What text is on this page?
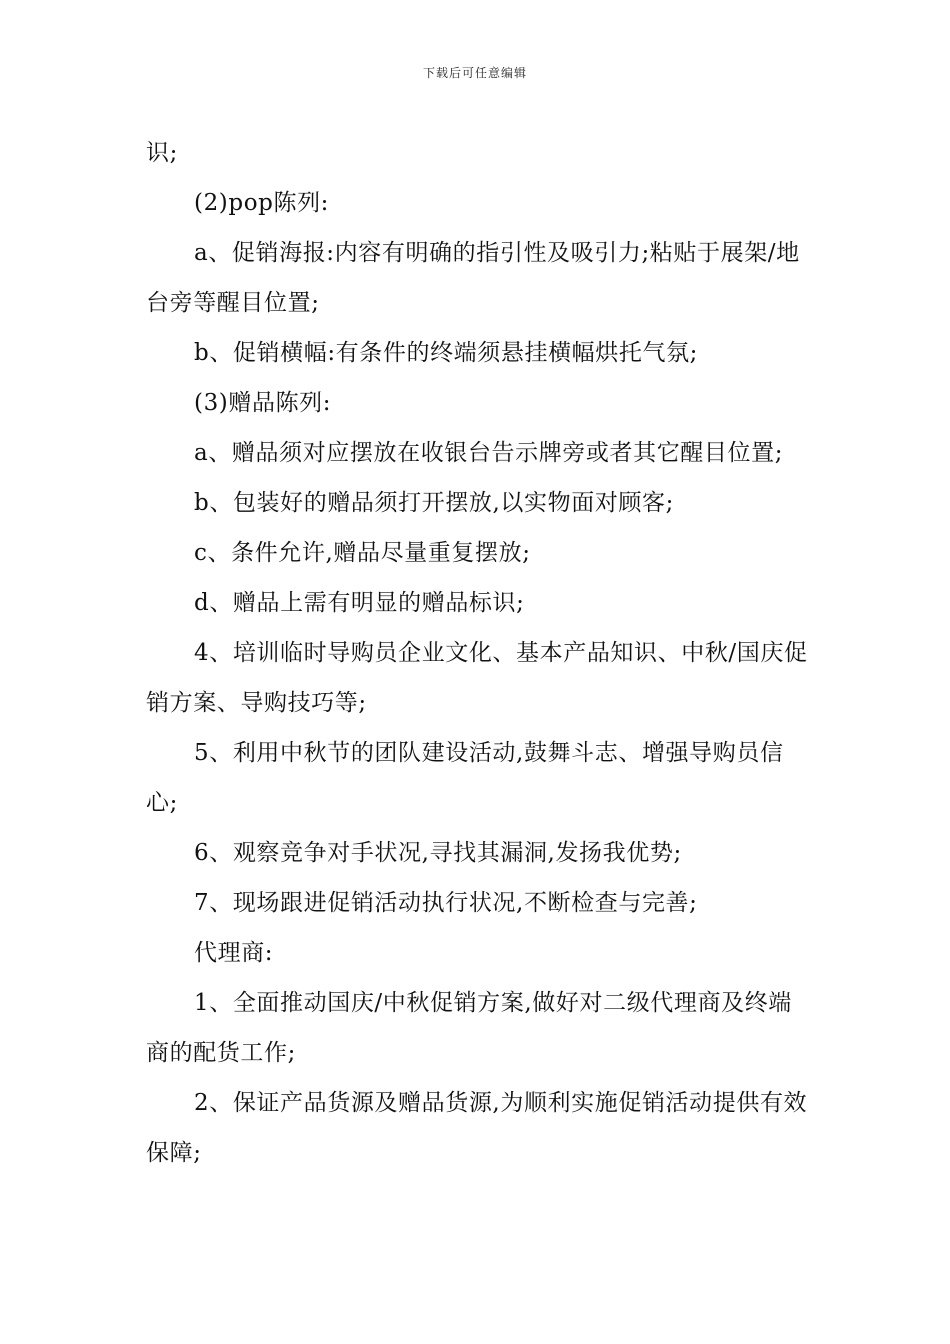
下载后可任意编辑

识;

(2)pop陈列:

a、促销海报:内容有明确的指引性及吸引力;粘贴于展架/地台旁等醒目位置;

b、促销横幅:有条件的终端须悬挂横幅烘托气氛;

(3)赠品陈列:

a、赠品须对应摆放在收银台告示牌旁或者其它醒目位置;

b、包装好的赠品须打开摆放,以实物面对顾客;

c、条件允许,赠品尽量重复摆放;

d、赠品上需有明显的赠品标识;

4、培训临时导购员企业文化、基本产品知识、中秋/国庆促销方案、导购技巧等;

5、利用中秋节的团队建设活动,鼓舞斗志、增强导购员信心;

6、观察竞争对手状况,寻找其漏洞,发扬我优势;

7、现场跟进促销活动执行状况,不断检查与完善;

代理商:

1、全面推动国庆/中秋促销方案,做好对二级代理商及终端商的配货工作;

2、保证产品货源及赠品货源,为顺利实施促销活动提供有效保障;
